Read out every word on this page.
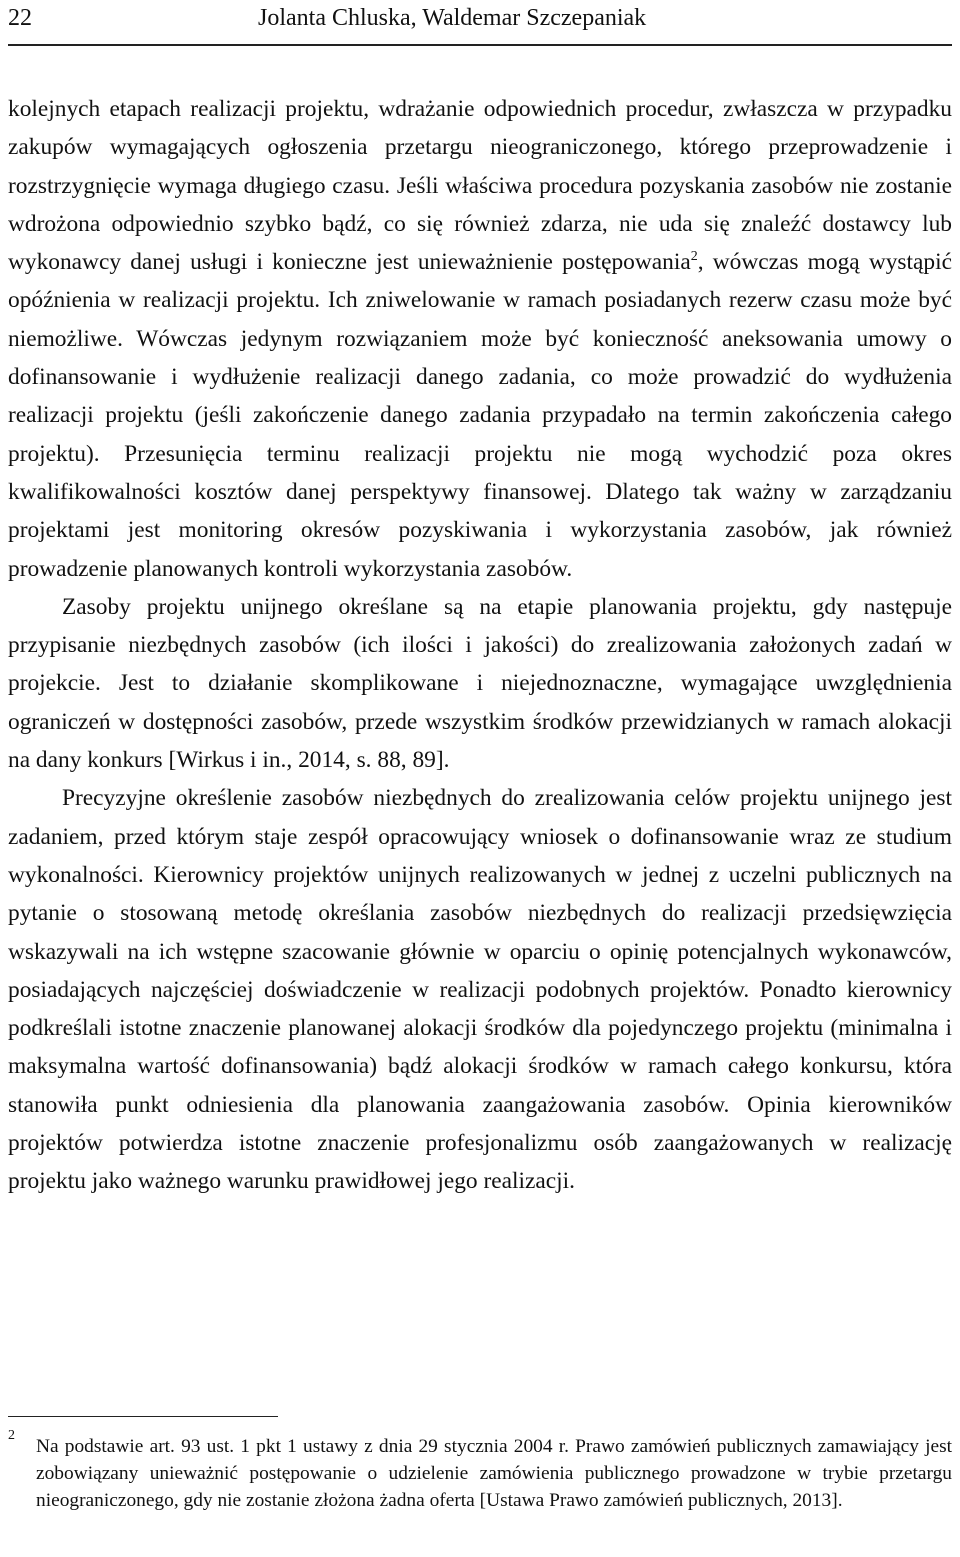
22	Jolanta Chluska, Waldemar Szczepaniak

kolejnych etapach realizacji projektu, wdrażanie odpowiednich procedur, zwłaszcza w przypadku zakupów wymagających ogłoszenia przetargu nieograniczonego, którego przeprowadzenie i rozstrzygnięcie wymaga długiego czasu. Jeśli właściwa procedura pozyskania zasobów nie zostanie wdrożona odpowiednio szybko bądź, co się również zdarza, nie uda się znaleźć dostawcy lub wykonawcy danej usługi i konieczne jest unieważnienie postępowania$^2$, wówczas mogą wystąpić opóźnienia w realizacji projektu. Ich zniwelowanie w ramach posiadanych rezerw czasu może być niemożliwe. Wówczas jedynym rozwiązaniem może być konieczność aneksowania umowy o dofinansowanie i wydłużenie realizacji danego zadania, co może prowadzić do wydłużenia realizacji projektu (jeśli zakończenie danego zadania przypadało na termin zakończenia całego projektu). Przesunięcia terminu realizacji projektu nie mogą wychodzić poza okres kwalifikowalności kosztów danej perspektywy finansowej. Dlatego tak ważny w zarządzaniu projektami jest monitoring okresów pozyskiwania i wykorzystania zasobów, jak również prowadzenie planowanych kontroli wykorzystania zasobów.

Zasoby projektu unijnego określane są na etapie planowania projektu, gdy następuje przypisanie niezbędnych zasobów (ich ilości i jakości) do zrealizowania założonych zadań w projekcie. Jest to działanie skomplikowane i niejednoznaczne, wymagające uwzględnienia ograniczeń w dostępności zasobów, przede wszystkim środków przewidzianych w ramach alokacji na dany konkurs [Wirkus i in., 2014, s. 88, 89].

Precyzyjne określenie zasobów niezbędnych do zrealizowania celów projektu unijnego jest zadaniem, przed którym staje zespół opracowujący wniosek o dofinansowanie wraz ze studium wykonalności. Kierownicy projektów unijnych realizowanych w jednej z uczelni publicznych na pytanie o stosowaną metodę określania zasobów niezbędnych do realizacji przedsięwzięcia wskazywali na ich wstępne szacowanie głównie w oparciu o opinię potencjalnych wykonawców, posiadających najczęściej doświadczenie w realizacji podobnych projektów. Ponadto kierownicy podkreślali istotne znaczenie planowanej alokacji środków dla pojedynczego projektu (minimalna i maksymalna wartość dofinansowania) bądź alokacji środków w ramach całego konkursu, która stanowiła punkt odniesienia dla planowania zaangażowania zasobów. Opinia kierowników projektów potwierdza istotne znaczenie profesjonalizmu osób zaangażowanych w realizację projektu jako ważnego warunku prawidłowej jego realizacji.

2
Na podstawie art. 93 ust. 1 pkt 1 ustawy z dnia 29 stycznia 2004 r. Prawo zamówień publicznych zamawiający jest zobowiązany unieważnić postępowanie o udzielenie zamówienia publicznego prowadzone w trybie przetargu nieograniczonego, gdy nie zostanie złożona żadna oferta [Ustawa Prawo zamówień publicznych, 2013].
